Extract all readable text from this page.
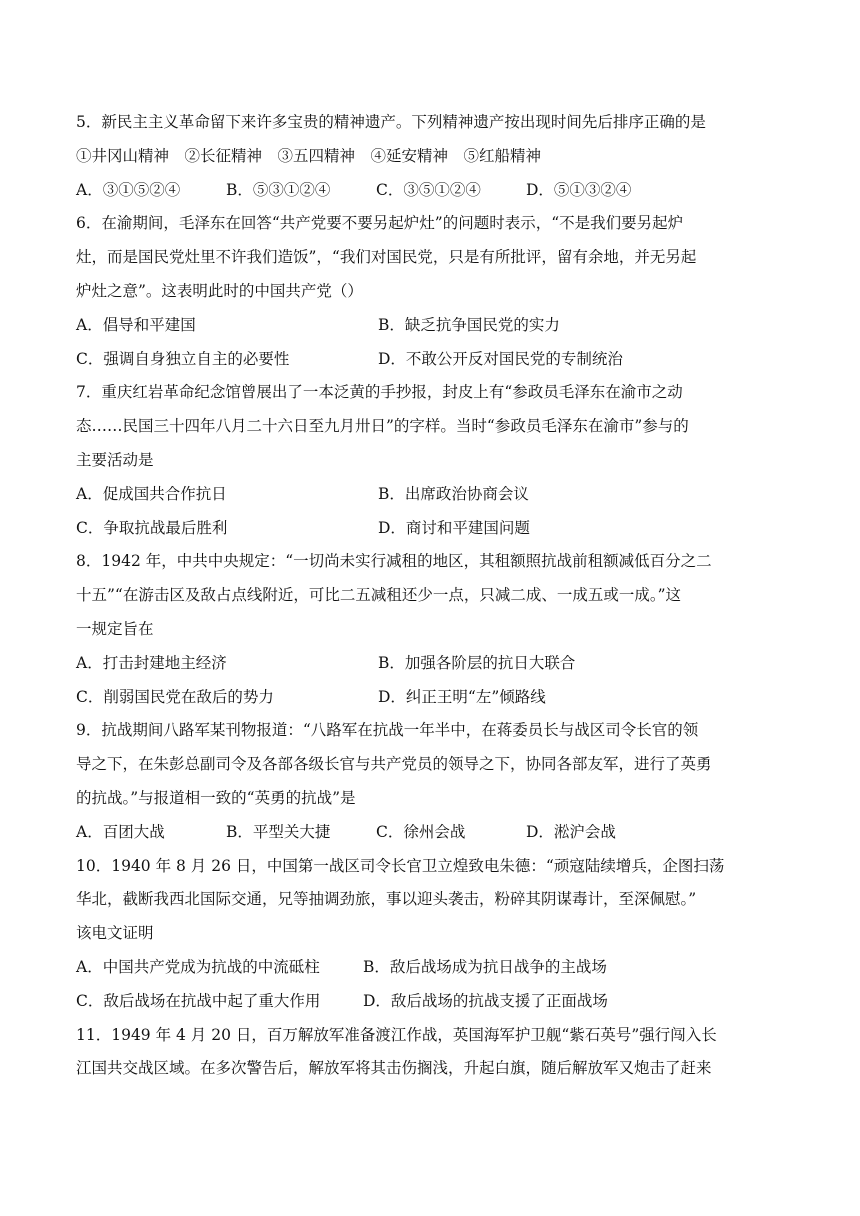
5．新民主主义革命留下来许多宝贵的精神遗产。下列精神遗产按出现时间先后排序正确的是
①井冈山精神　②长征精神　③五四精神　④延安精神　⑤红船精神
A．③①⑤②④	B．⑤③①②④	C．③⑤①②④	D．⑤①③②④
6．在渝期间，毛泽东在回答“共产党要不要另起炉灶”的问题时表示，“不是我们要另起炉
灶，而是国民党灶里不许我们造饭”，“我们对国民党，只是有所批评，留有余地，并无另起
炉灶之意”。这表明此时的中国共产党（）
A．倡导和平建国	B．缺乏抗争国民党的实力
C．强调自身独立自主的必要性	D．不敢公开反对国民党的专制统治
7．重庆红岩革命纪念馆曾展出了一本泛黄的手抄报，封皮上有“参政员毛泽东在渝市之动
态……民国三十四年八月二十六日至九月卅日”的字样。当时“参政员毛泽东在渝市”参与的
主要活动是
A．促成国共合作抗日	B．出席政治协商会议
C．争取抗战最后胜利	D．商讨和平建国问题
8．1942 年，中共中央规定：“一切尚未实行减租的地区，其租额照抗战前租额减低百分之二
十五”“在游击区及敌占点线附近，可比二五减租还少一点，只减二成、一成五或一成。”这
一规定旨在
A．打击封建地主经济	B．加强各阶层的抗日大联合
C．削弱国民党在敌后的势力	D．纠正王明“左”倾路线
9．抗战期间八路军某刊物报道：“八路军在抗战一年半中，在蒋委员长与战区司令长官的领
导之下，在朱彭总副司令及各部各级长官与共产党员的领导之下，协同各部友军，进行了英勇
的抗战。”与报道相一致的“英勇的抗战”是
A．百团大战	B．平型关大捷	C．徐州会战	D．淞沪会战
10．1940 年 8 月 26 日，中国第一战区司令长官卫立煌致电朱德：“顽寇陆续增兵，企图扫荡
华北，截断我西北国际交通，兄等抽调劲旅，事以迎头袭击，粉碎其阴谋毒计，至深佩慰。”
该电文证明
A．中国共产党成为抗战的中流砥柱	B．敌后战场成为抗日战争的主战场
C．敌后战场在抗战中起了重大作用	D．敌后战场的抗战支援了正面战场
11．1949 年 4 月 20 日，百万解放军准备渡江作战，英国海军护卫舰“紫石英号”强行闯入长
江国共交战区域。在多次警告后，解放军将其击伤搁浅，升起白旗，随后解放军又炮击了赶来
